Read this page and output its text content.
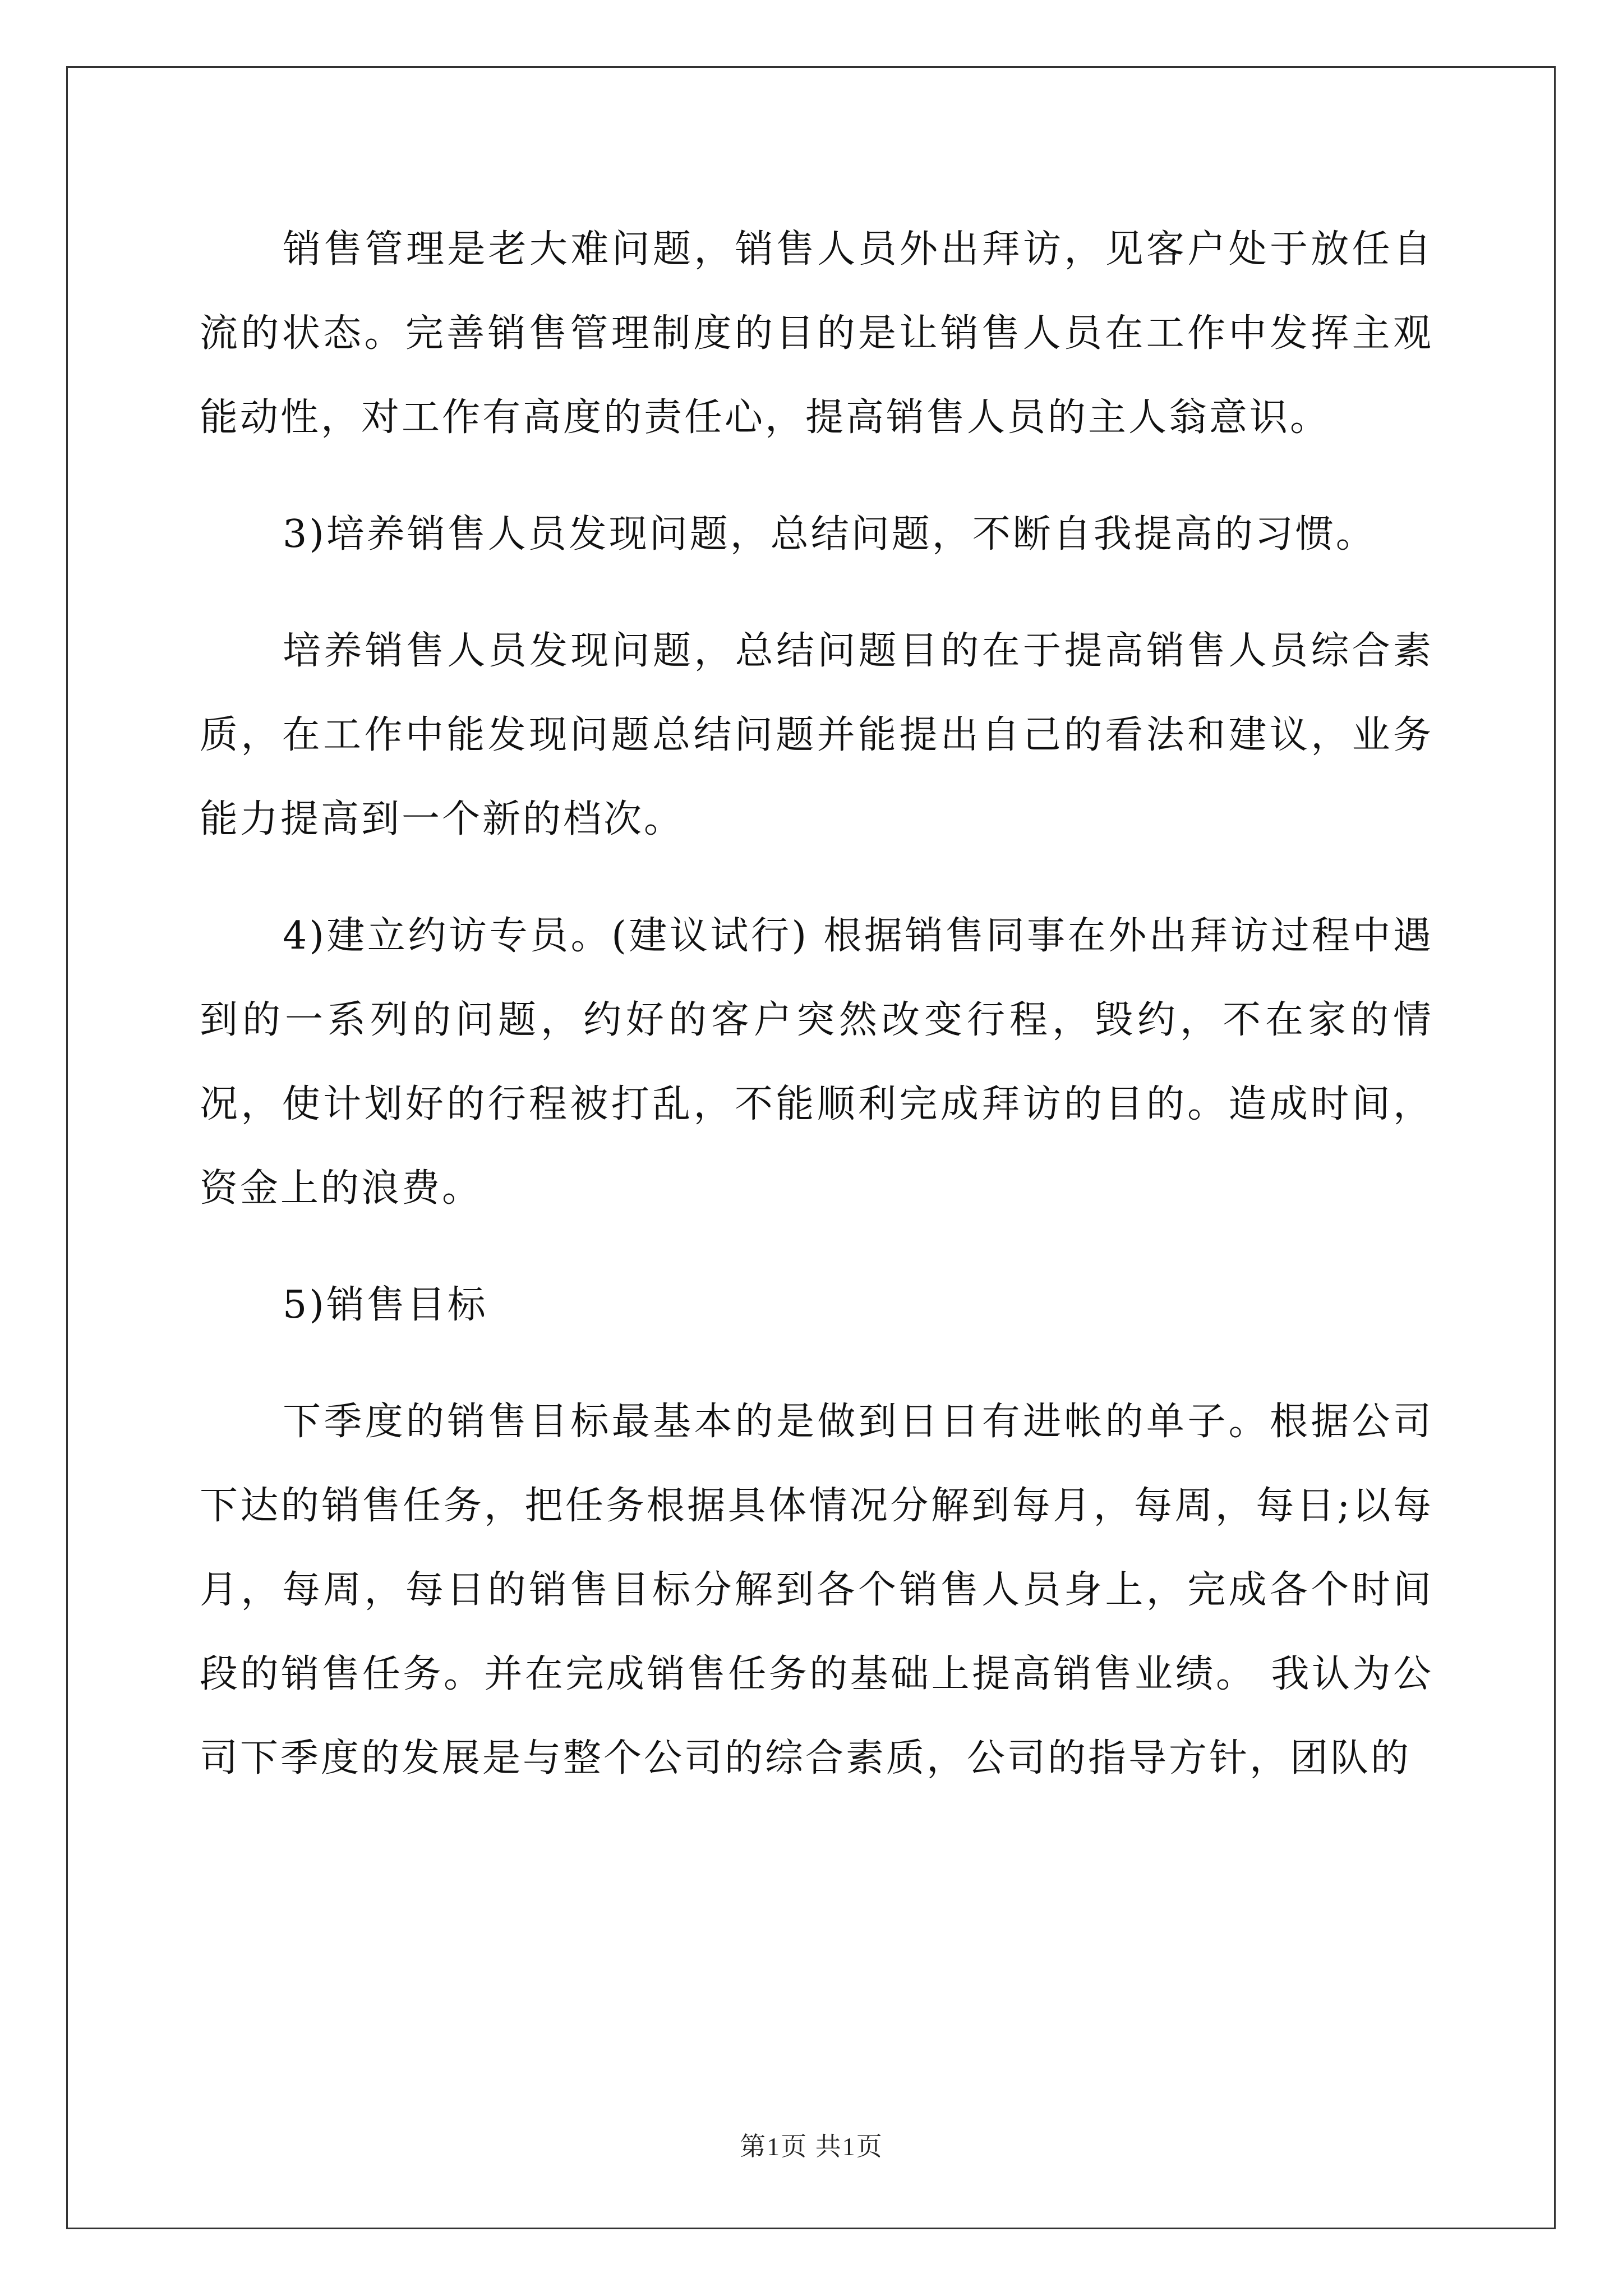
销售管理是老大难问题，销售人员外出拜访，见客户处于放任自流的状态。完善销售管理制度的目的是让销售人员在工作中发挥主观能动性，对工作有高度的责任心，提高销售人员的主人翁意识。

3)培养销售人员发现问题，总结问题，不断自我提高的习惯。

培养销售人员发现问题，总结问题目的在于提高销售人员综合素质，在工作中能发现问题总结问题并能提出自己的看法和建议，业务能力提高到一个新的档次。

4)建立约访专员。(建议试行) 根据销售同事在外出拜访过程中遇到的一系列的问题，约好的客户突然改变行程，毁约，不在家的情况，使计划好的行程被打乱，不能顺利完成拜访的目的。造成时间，资金上的浪费。

5)销售目标

下季度的销售目标最基本的是做到日日有进帐的单子。根据公司下达的销售任务，把任务根据具体情况分解到每月，每周，每日;以每月，每周，每日的销售目标分解到各个销售人员身上，完成各个时间段的销售任务。并在完成销售任务的基础上提高销售业绩。 我认为公司下季度的发展是与整个公司的综合素质，公司的指导方针，团队的

第1页 共1页
